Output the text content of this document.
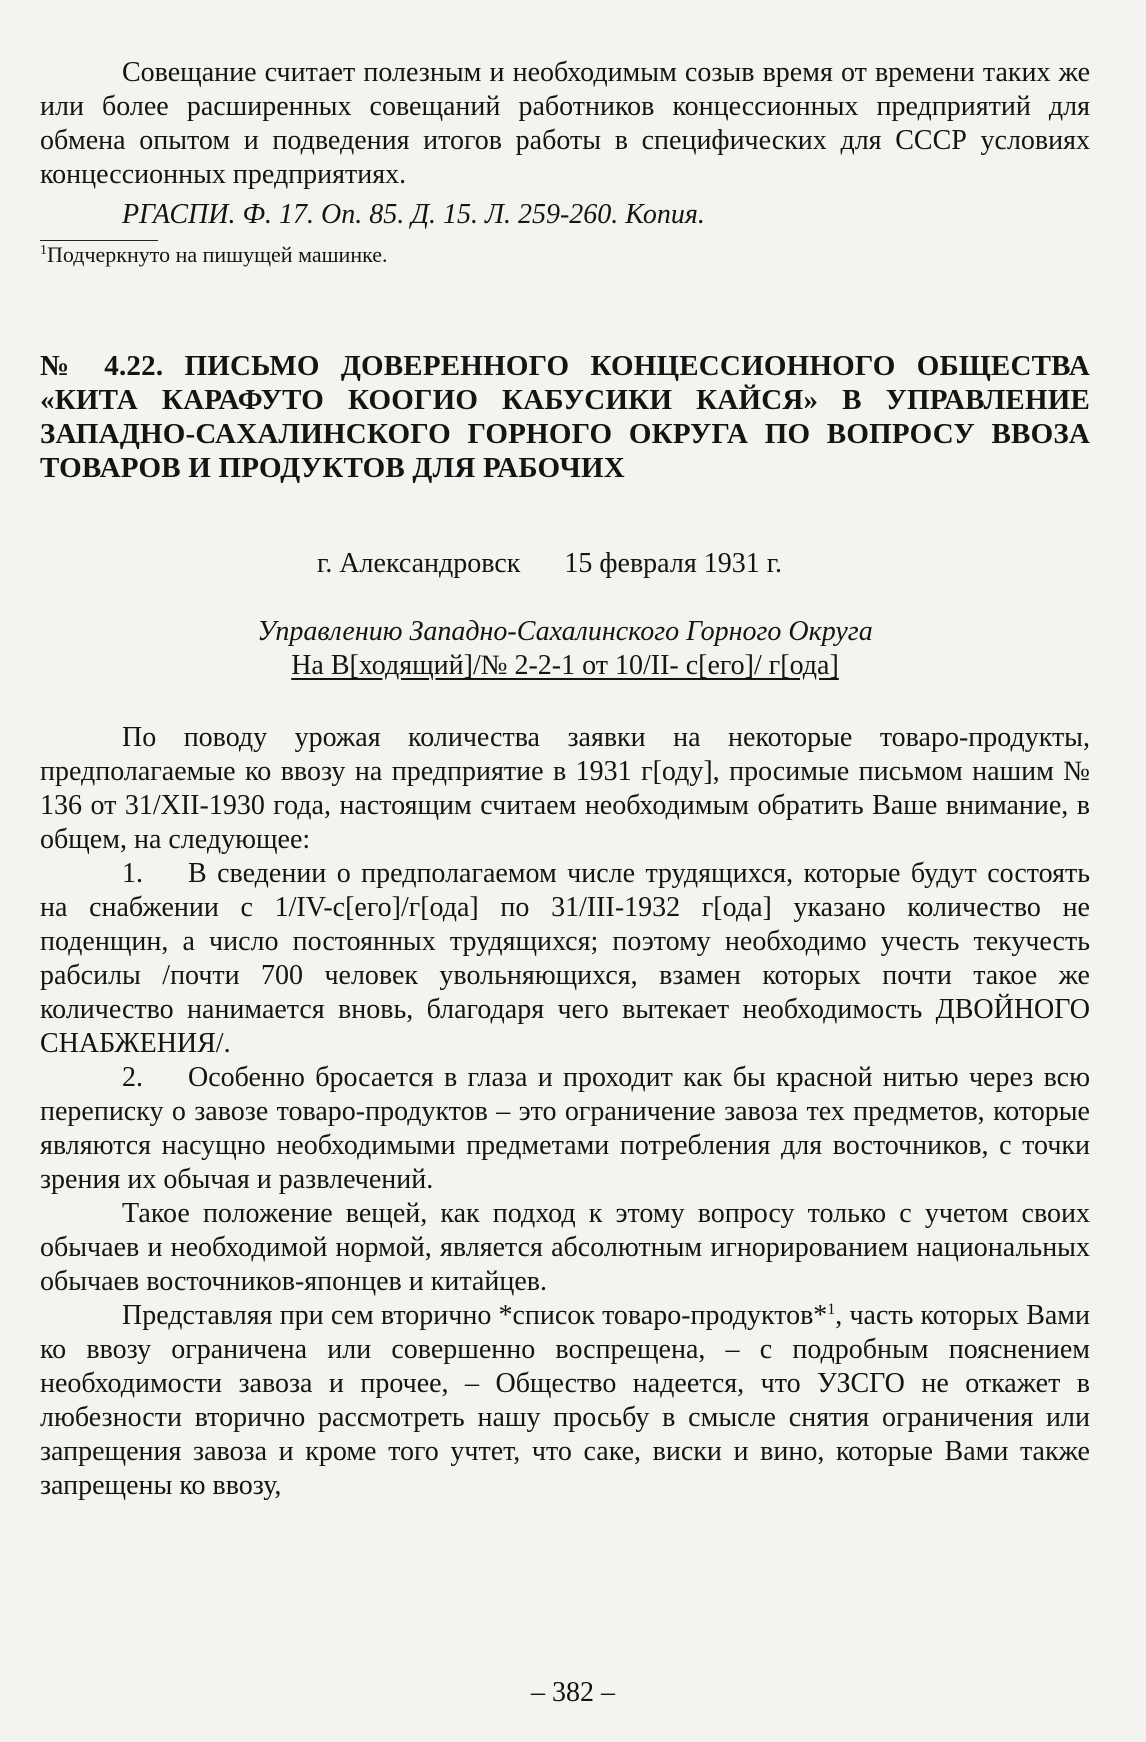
Совещание считает полезным и необходимым созыв время от времени таких же или более расширенных совещаний работников концессионных предприятий для обмена опытом и подведения итогов работы в специфических для СССР условиях концессионных предприятиях.

РГАСПИ. Ф. 17. Оп. 85. Д. 15. Л. 259-260. Копия.

$^1$Подчеркнуто на пишущей машинке.

№ 4.22. ПИСЬМО ДОВЕРЕННОГО КОНЦЕССИОННОГО ОБЩЕСТВА «КИТА КАРАФУТО КООГИО КАБУСИКИ КАЙСЯ» В УПРАВЛЕНИЕ ЗАПАДНО-САХАЛИНСКОГО ГОРНОГО ОКРУГА ПО ВОПРОСУ ВВОЗА ТОВАРОВ И ПРОДУКТОВ ДЛЯ РАБОЧИХ
г. Александровск 15 февраля 1931 г.
Управлению Западно-Сахалинского Горного Округа
На В[ходящий]/№ 2-2-1 от 10/II- с[его]/ г[ода]

По поводу урожая количества заявки на некоторые товаро-продукты, предполагаемые ко ввозу на предприятие в 1931 г[оду], просимые письмом нашим № 136 от 31/XII-1930 года, настоящим считаем необходимым обратить Ваше внимание, в общем, на следующее:

1. В сведении о предполагаемом числе трудящихся, которые будут состоять на снабжении с 1/IV-с[его]/г[ода] по 31/III-1932 г[ода] указано количество не поденщин, а число постоянных трудящихся; поэтому необходимо учесть текучесть рабсилы /почти 700 человек увольняющихся, взамен которых почти такое же количество нанимается вновь, благодаря чего вытекает необходимость ДВОЙНОГО СНАБЖЕНИЯ/.

2. Особенно бросается в глаза и проходит как бы красной нитью через всю переписку о завозе товаро-продуктов – это ограничение завоза тех предметов, которые являются насущно необходимыми предметами потребления для восточников, с точки зрения их обычая и развлечений.

Такое положение вещей, как подход к этому вопросу только с учетом своих обычаев и необходимой нормой, является абсолютным игнорированием национальных обычаев восточников-японцев и китайцев.

Представляя при сем вторично *список товаро-продуктов*$^1$, часть которых Вами ко ввозу ограничена или совершенно воспрещена, – с подробным пояснением необходимости завоза и прочее, – Общество надеется, что УЗСГО не откажет в любезности вторично рассмотреть нашу просьбу в смысле снятия ограничения или запрещения завоза и кроме того учтет, что саке, виски и вино, которые Вами также запрещены ко ввозу,

– 382 –
